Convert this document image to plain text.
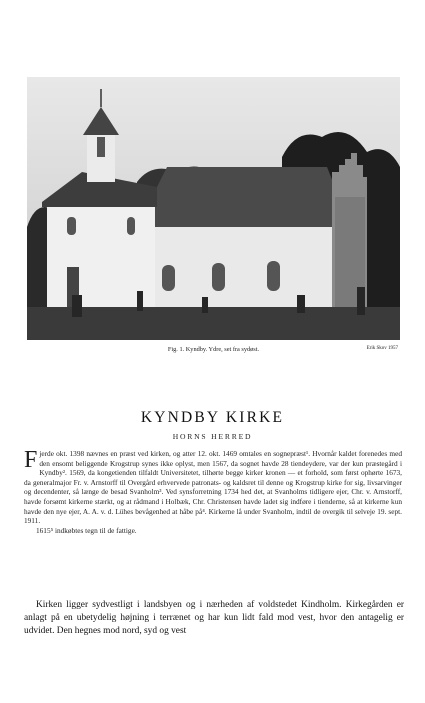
Fig. 1. Kyndby. Ydre, set fra sydøst.	Erik Skov 1957
KYNDBY KIRKE
HORNS HERRED
Fjerde okt. 1398 nævnes en præst ved kirken, og atter 12. okt. 1469 omtales en sognepræst¹. Hvornår kaldet forenedes med den ensomt beliggende Krogstrup synes ikke oplyst, men 1567, da sognet havde 28 tiendeydere, var der kun præstegård i Kyndby². 1569, da kongetienden tilfaldt Universitetet, tilhørte begge kirker kronen — et forhold, som først ophørte 1673, da generalmajor Fr. v. Arnstorff til Overgård erhvervede patronats- og kaldsret til denne og Krogstrup kirke for sig, livsarvinger og decendenter, så længe de besad Svanholm³. Ved synsforretning 1734 hed det, at Svanholms tidligere ejer, Chr. v. Arnstorff, havde forsømt kirkerne stærkt, og at rådmand i Holbæk, Chr. Christensen havde ladet sig indføre i tienderne, så at kirkerne kun havde den nye ejer, A. A. v. d. Lühes bevågenhed at håbe på⁴. Kirkerne lå under Svanholm, indtil de overgik til selveje 19. sept. 1911.
1615⁵ indkøbtes tegn til de fattige.
Kirken ligger sydvestligt i landsbyen og i nærheden af voldstedet Kindholm. Kirkegården er anlagt på en ubetydelig højning i terrænet og har kun lidt fald mod vest, hvor den antagelig er udvidet. Den hegnes mod nord, syd og vest
